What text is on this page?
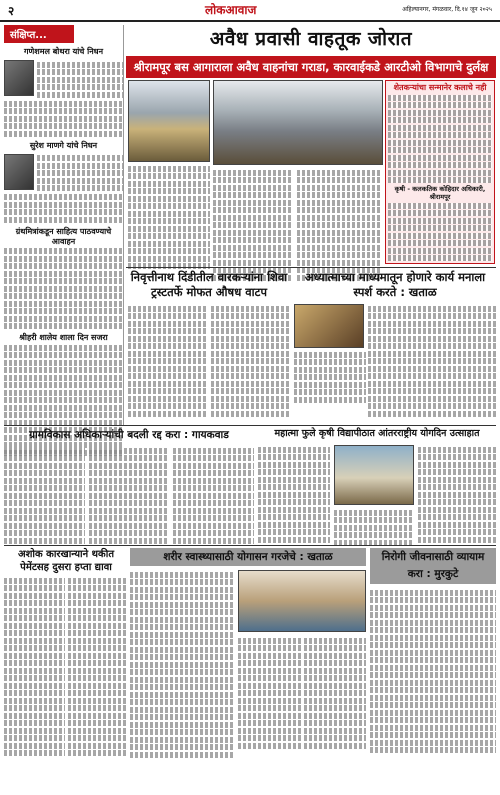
२	लोकआवाज	अहिल्यानगर, मंगळवार, दि.१४ जून २०२५
संक्षिप्त...
गणेशमल बोथरा यांचे निधन
सुरेश माणगे यांचे निधन
ग्रंथमित्रांकडून साहित्य पाठवण्याचे आवाहन
श्रीहरी शालेय शाला दिन सजरा
अवैध प्रवासी वाहतूक जोरात
श्रीरामपूर बस आगाराला अवैध वाहनांचा गराडा, कारवाईकडे आरटीओ विभागाचे दुर्लक्ष
शेतकऱ्यांचा सन्मानेर कलाचे नही
कृषी - कलकतिक कोहिदार अधिकारी, श्रीरामपूर
निवृत्तीनाथ दिंडीतील वारकऱ्यांना शिवा ट्रस्टतर्फे मोफत औषध वाटप
अध्यात्माच्या माध्यमातून होणारे कार्य मनाला स्पर्श करते : खताळ
ग्रामविकास अधिकाऱ्यांची बदली रद्द करा : गायकवाड	महात्मा फुले कृषी विद्यापीठात आंतरराष्ट्रीय योगदिन उत्साहात
अशोक कारखान्याने थकीत पेमेंटसह दुसरा हप्ता द्यावा
शरीर स्वास्थ्यासाठी योगासन गरजेचे : खताळ	निरोगी जीवनासाठी व्यायाम करा : मुरकुटे
